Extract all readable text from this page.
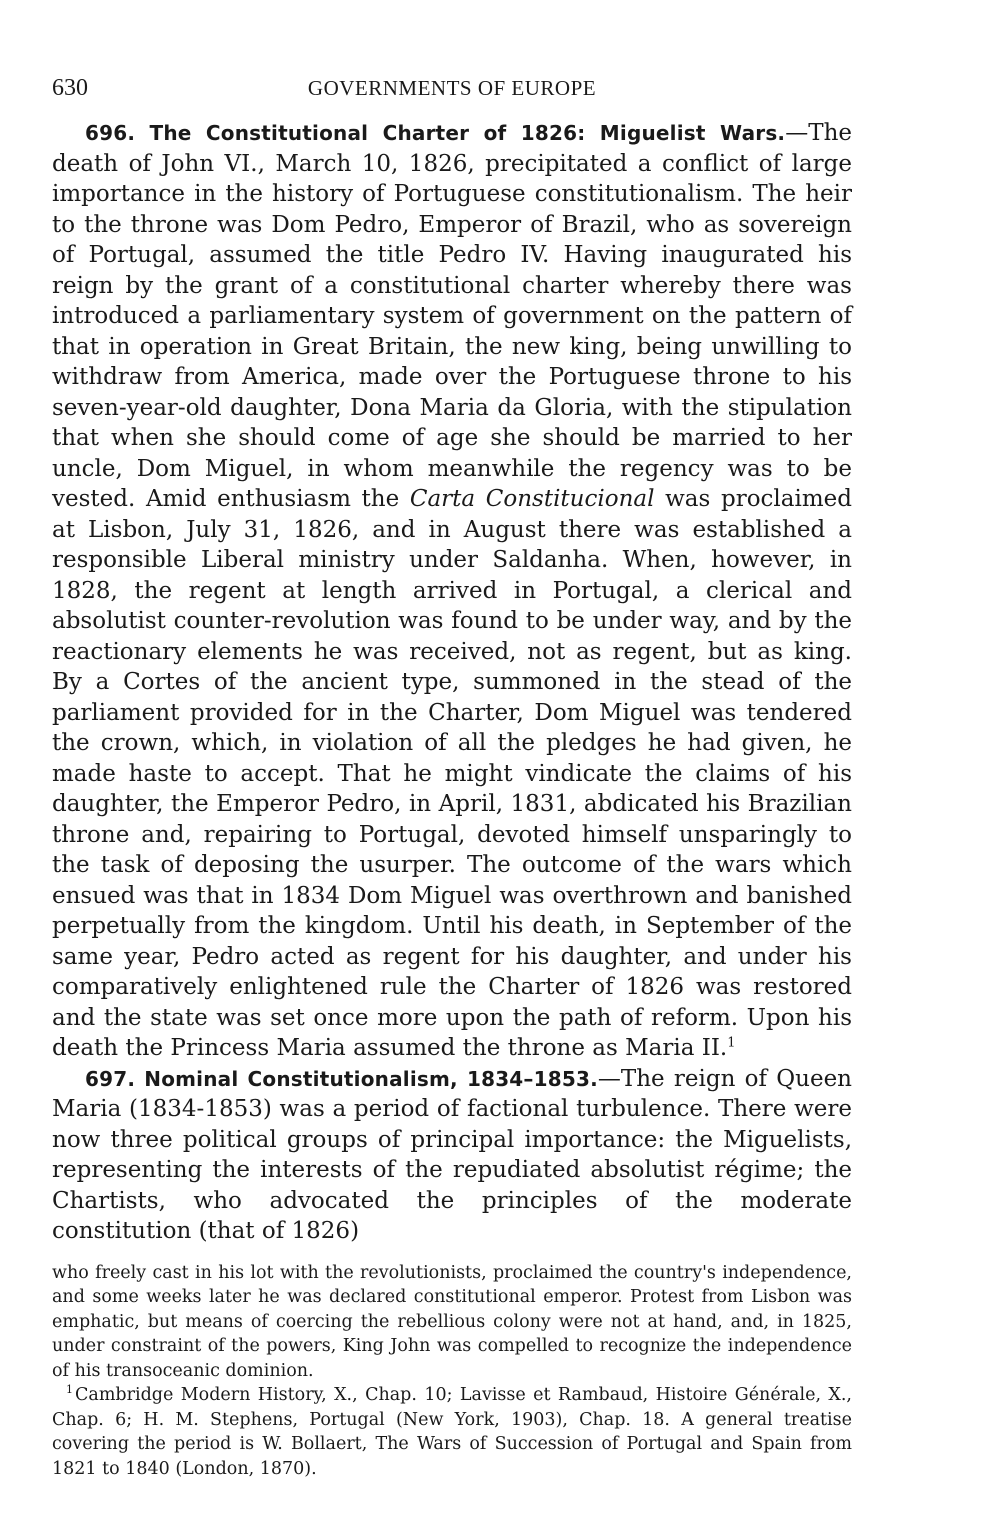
630	GOVERNMENTS OF EUROPE

696. The Constitutional Charter of 1826: Miguelist Wars.—The death of John VI., March 10, 1826, precipitated a conflict of large importance in the history of Portuguese constitutionalism. The heir to the throne was Dom Pedro, Emperor of Brazil, who as sovereign of Portugal, assumed the title Pedro IV. Having inaugurated his reign by the grant of a constitutional charter whereby there was introduced a parliamentary system of government on the pattern of that in operation in Great Britain, the new king, being unwilling to withdraw from America, made over the Portuguese throne to his seven-year-old daughter, Dona Maria da Gloria, with the stipulation that when she should come of age she should be married to her uncle, Dom Miguel, in whom meanwhile the regency was to be vested. Amid enthusiasm the Carta Constitucional was proclaimed at Lisbon, July 31, 1826, and in August there was established a responsible Liberal ministry under Saldanha. When, however, in 1828, the regent at length arrived in Portugal, a clerical and absolutist counter-revolution was found to be under way, and by the reactionary elements he was received, not as regent, but as king. By a Cortes of the ancient type, summoned in the stead of the parliament provided for in the Charter, Dom Miguel was tendered the crown, which, in violation of all the pledges he had given, he made haste to accept. That he might vindicate the claims of his daughter, the Emperor Pedro, in April, 1831, abdicated his Brazilian throne and, repairing to Portugal, devoted himself unsparingly to the task of deposing the usurper. The outcome of the wars which ensued was that in 1834 Dom Miguel was overthrown and banished perpetually from the kingdom. Until his death, in September of the same year, Pedro acted as regent for his daughter, and under his comparatively enlightened rule the Charter of 1826 was restored and the state was set once more upon the path of reform. Upon his death the Princess Maria assumed the throne as Maria II.$^1$

697. Nominal Constitutionalism, 1834–1853.—The reign of Queen Maria (1834-1853) was a period of factional turbulence. There were now three political groups of principal importance: the Miguelists, representing the interests of the repudiated absolutist régime; the Chartists, who advocated the principles of the moderate constitution (that of 1826)

who freely cast in his lot with the revolutionists, proclaimed the country's independence, and some weeks later he was declared constitutional emperor. Protest from Lisbon was emphatic, but means of coercing the rebellious colony were not at hand, and, in 1825, under constraint of the powers, King John was compelled to recognize the independence of his transoceanic dominion.

$^1$ Cambridge Modern History, X., Chap. 10; Lavisse et Rambaud, Histoire Générale, X., Chap. 6; H. M. Stephens, Portugal (New York, 1903), Chap. 18. A general treatise covering the period is W. Bollaert, The Wars of Succession of Portugal and Spain from 1821 to 1840 (London, 1870).
